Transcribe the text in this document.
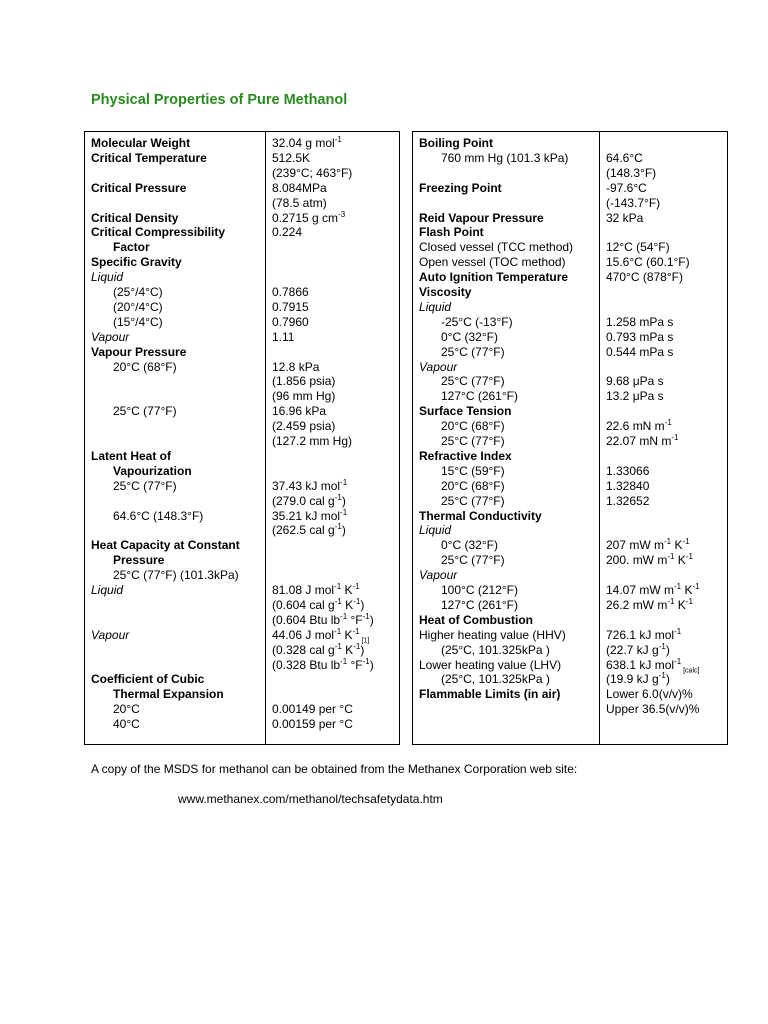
Physical Properties of Pure Methanol
Molecular Weight	32.04 g mol$^{-1}$
Critical Temperature	512.5K
(239°C; 463°F)
Critical Pressure	8.084MPa
(78.5 atm)
Critical Density	0.2715 g $cm^{-3}$
Critical Compressibility	0.224
Factor
Specific Gravity
Liquid
(25°/4°C)	0.7866
(20°/4°C)	0.7915
(15°/4°C)	0.7960
Vapour	1.11
Vapour Pressure
20°C (68°F)	12.8 kPa
(1.856 psia)
(96 mm Hg)
25°C (77°F)	16.96 kPa
(2.459 psia)
(127.2 mm Hg)
Latent Heat of
Vapourization
25°C (77°F)	37.43 kJ mol$^{-1}$
(279.0 cal $g^{-1}$)
64.6°C (148.3°F)	35.21 kJ mol$^{-1}$
(262.5 cal $g^{-1}$)
Heat Capacity at Constant
Pressure
25°C (77°F) (101.3kPa)
Liquid	81.08 J mol$^{-1}$ $K^{-1}$
(0.604 cal $g^{-1}$ $K^{-1}$)
(0.604 Btu $lb^{-1}$ $^\circ F^{-1}$)
Vapour	44.06 J mol$^{-1}$ $K^{-1}$ $_{[1]}$
(0.328 cal $g^{-1}$ $K^{-1}$)
(0.328 Btu $lb^{-1}$ $^\circ F^{-1}$)
Coefficient of Cubic
Thermal Expansion
20°C	0.00149 per °C
40°C	0.00159 per °C
Boiling Point
760 mm Hg (101.3 kPa)	64.6°C
(148.3°F)
Freezing Point	-97.6°C
(-143.7°F)
Reid Vapour Pressure	32 kPa
Flash Point
Closed vessel (TCC method)	12°C (54°F)
Open vessel (TOC method)	15.6°C (60.1°F)
Auto Ignition Temperature	470°C (878°F)
Viscosity
Liquid
-25°C (-13°F)	1.258 mPa s
0°C (32°F)	0.793 mPa s
25°C (77°F)	0.544 mPa s
Vapour
25°C (77°F)	9.68 μPa s
127°C (261°F)	13.2 μPa s
Surface Tension
20°C (68°F)	22.6 mN $m^{-1}$
25°C (77°F)	22.07 mN $m^{-1}$
Refractive Index
15°C (59°F)	1.33066
20°C (68°F)	1.32840
25°C (77°F)	1.32652
Thermal Conductivity
Liquid
0°C (32°F)	207 mW $m^{-1}$ $K^{-1}$
25°C (77°F)	200. mW $m^{-1}$ $K^{-1}$
Vapour
100°C (212°F)	14.07 mW $m^{-1}$ $K^{-1}$
127°C (261°F)	26.2 mW $m^{-1}$ $K^{-1}$
Heat of Combustion
Higher heating value (HHV)	726.1 kJ mol$^{-1}$
(25°C, 101.325kPa )	(22.7 kJ $g^{-1}$)
Lower heating value (LHV)	638.1 kJ mol$^{-1}$ $_{[calc]}$
(25°C, 101.325kPa )	(19.9 kJ $g^{-1}$)
Flammable Limits (in air)	Lower 6.0(v/v)%
Upper 36.5(v/v)%

A copy of the MSDS for methanol can be obtained from the Methanex Corporation web site:

www.methanex.com/methanol/techsafetydata.htm
